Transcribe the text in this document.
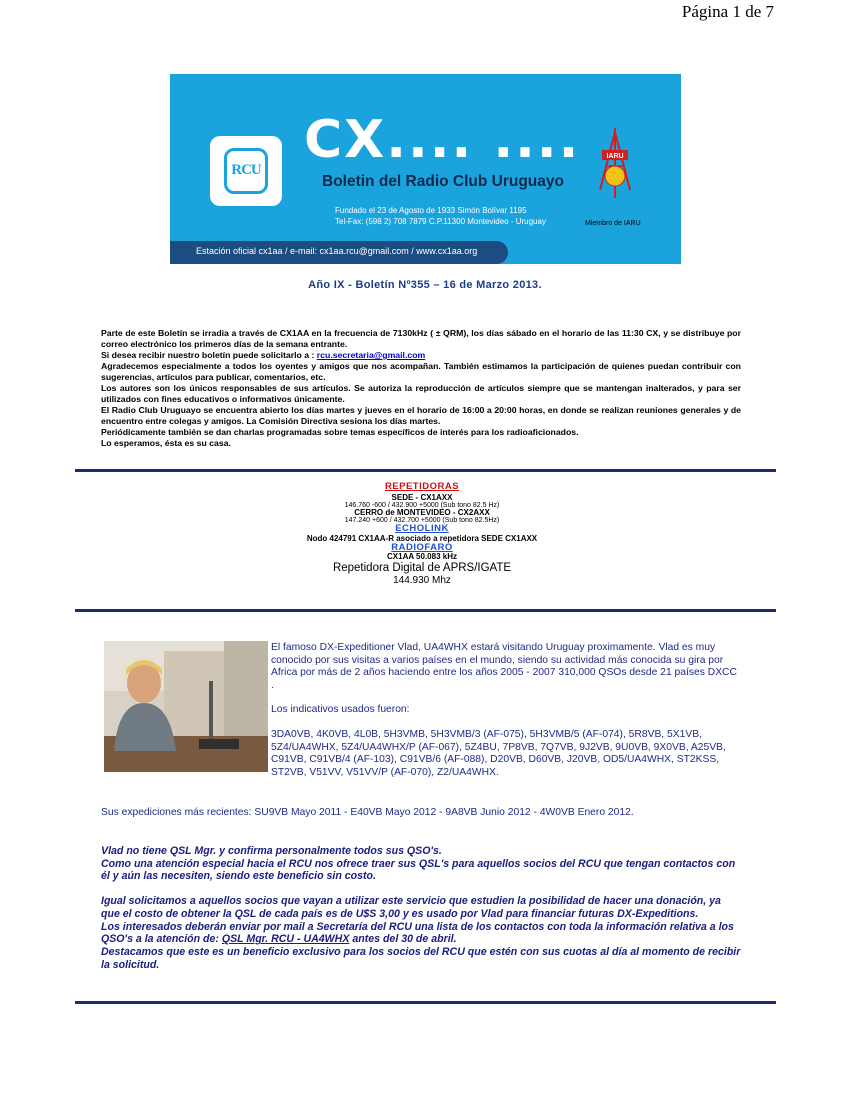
Página 1 de 7
RCU CX.... ....
Boletin del Radio Club Uruguayo
Fundado el 23 de Agosto de 1933 Simón Bolívar 1195
Tel-Fax: (598 2) 708 7879 C.P.11300 Montevideo - Uruguay
IARU
Miembro de IARU
Estación oficial cx1aa / e-mail: cx1aa.rcu@gmail.com / www.cx1aa.org
Año IX - Boletín Nº355 – 16 de Marzo 2013.
Parte de este Boletín se irradia a través de CX1AA en la frecuencia de 7130kHz ( ± QRM), los días sábado en el horario de las 11:30 CX, y se distribuye por correo electrónico los primeros días de la semana entrante.
Si desea recibir nuestro boletín puede solicitarlo a : rcu.secretaria@gmail.com
Agradecemos especialmente a todos los oyentes y amigos que nos acompañan. También estimamos la participación de quienes puedan contribuir con sugerencias, artículos para publicar, comentarios, etc.
Los autores son los únicos responsables de sus artículos. Se autoriza la reproducción de artículos siempre que se mantengan inalterados, y para ser utilizados con fines educativos o informativos únicamente.
El Radio Club Uruguayo se encuentra abierto los días martes y jueves en el horario de 16:00 a 20:00 horas, en donde se realizan reuniones generales y de encuentro entre colegas y amigos. La Comisión Directiva sesiona los días martes.
Periódicamente también se dan charlas programadas sobre temas específicos de interés para los radioaficionados.
Lo esperamos, ésta es su casa.
REPETIDORAS
SEDE - CX1AXX
146.760 -600 / 432.900 +5000 (Sub tono 82.5 Hz)
CERRO de MONTEVIDEO - CX2AXX
147.240 +600 / 432.700 +5000 (Sub tono 82.5Hz)
ECHOLINK
Nodo 424791 CX1AA-R asociado a repetidora SEDE CX1AXX
RADIOFARO
CX1AA 50.083 kHz
Repetidora Digital de APRS/IGATE
144.930 Mhz

El famoso DX-Expeditioner Vlad, UA4WHX estará visitando Uruguay proximamente. Vlad es muy conocido por sus visitas a varios países en el mundo, siendo su actividad más conocida su gira por Africa por más de 2 años haciendo entre los años 2005 - 2007 310,000 QSOs desde 21 países DXCC .

Los indicativos usados fueron:

3DA0VB, 4K0VB, 4L0B, 5H3VMB, 5H3VMB/3 (AF-075), 5H3VMB/5 (AF-074), 5R8VB, 5X1VB, 5Z4/UA4WHX, 5Z4/UA4WHX/P (AF-067), 5Z4BU, 7P8VB, 7Q7VB, 9J2VB, 9U0VB, 9X0VB, A25VB, C91VB, C91VB/4 (AF-103), C91VB/6 (AF-088), D20VB, D60VB, J20VB, OD5/UA4WHX, ST2KSS, ST2VB, V51VV, V51VV/P (AF-070), Z2/UA4WHX.

Sus expediciones más recientes: SU9VB Mayo 2011 - E40VB Mayo 2012 - 9A8VB Junio 2012 - 4W0VB Enero 2012.

Vlad no tiene QSL Mgr. y confirma personalmente todos sus QSO's.

Como una atención especial hacia el RCU nos ofrece traer sus QSL's para aquellos socios del RCU que tengan contactos con él y aún las necesiten, siendo este beneficio sin costo.

Igual solicitamos a aquellos socios que vayan a utilizar este servicio que estudien la posibilidad de hacer una donación, ya que el costo de obtener la QSL de cada país es de U$S 3,00 y es usado por Vlad para financiar futuras DX-Expeditions.

Los interesados deberán enviar por mail a Secretaría del RCU una lista de los contactos con toda la información relativa a los QSO's a la atención de: QSL Mgr. RCU - UA4WHX antes del 30 de abril.

Destacamos que este es un beneficio exclusivo para los socios del RCU que estén con sus cuotas al día al momento de recibir la solicitud.
